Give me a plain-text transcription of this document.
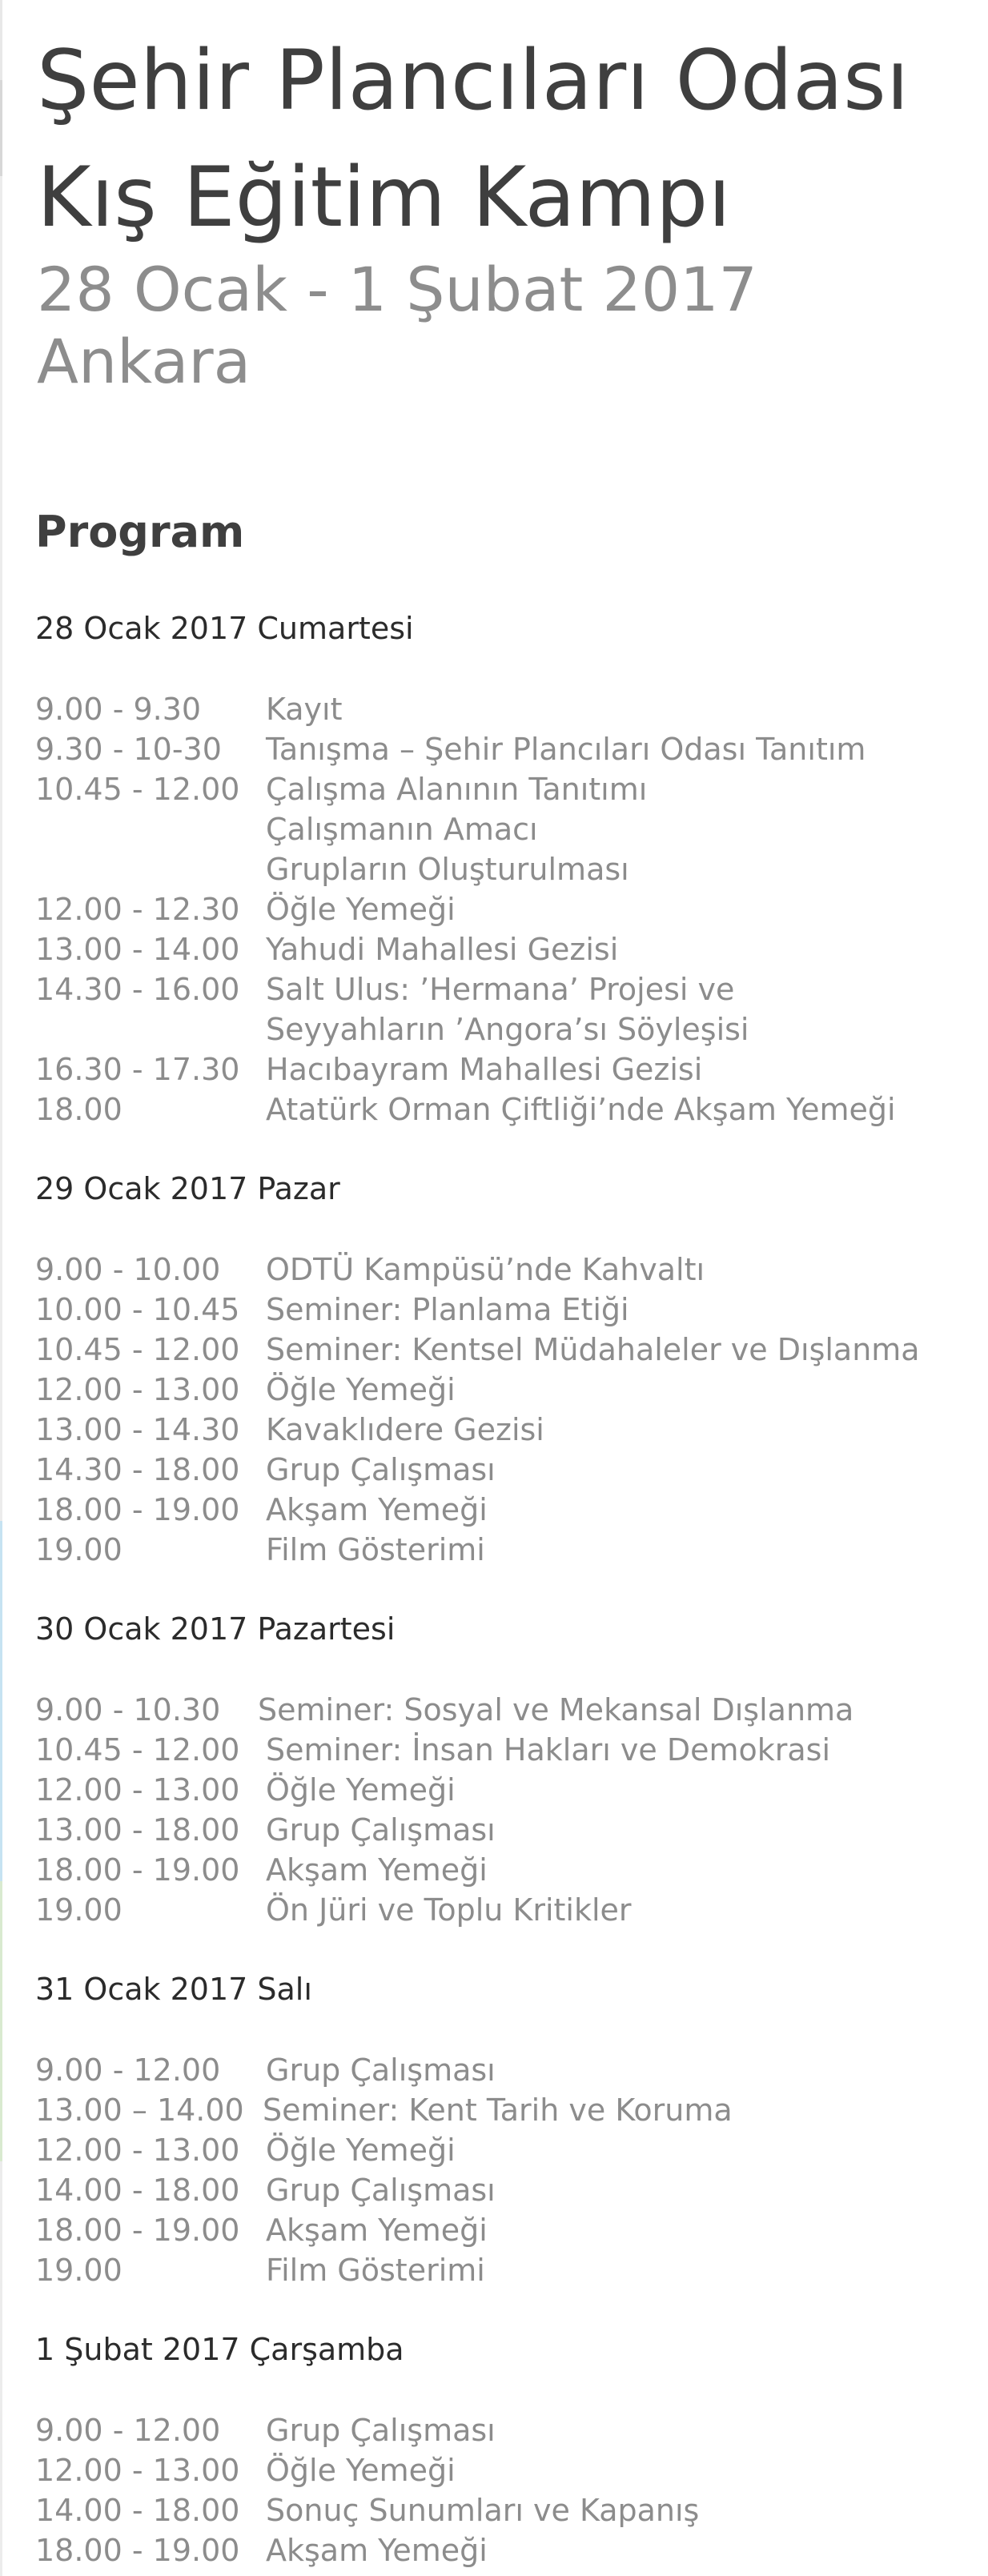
Şehir Plancıları Odası
Kış Eğitim Kampı
28 Ocak - 1 Şubat 2017
Ankara
Program
28 Ocak 2017 Cumartesi
9.00 - 9.30 Kayıt
9.30 - 10-30 Tanışma – Şehir Plancıları Odası Tanıtım
10.45 - 12.00 Çalışma Alanının Tanıtımı
Çalışmanın Amacı
Grupların Oluşturulması
12.00 - 12.30 Öğle Yemeği
13.00 - 14.00 Yahudi Mahallesi Gezisi
14.30 - 16.00 Salt Ulus: ’Hermana’ Projesi ve
Seyyahların ’Angora’sı Söyleşisi
16.30 - 17.30 Hacıbayram Mahallesi Gezisi
18.00	Atatürk Orman Çiftliği’nde Akşam Yemeği
29 Ocak 2017 Pazar
9.00 - 10.00 ODTÜ Kampüsü’nde Kahvaltı
10.00 - 10.45 Seminer: Planlama Etiği
10.45 - 12.00 Seminer: Kentsel Müdahaleler ve Dışlanma
12.00 - 13.00 Öğle Yemeği
13.00 - 14.30 Kavaklıdere Gezisi
14.30 - 18.00 Grup Çalışması
18.00 - 19.00 Akşam Yemeği
19.00	Film Gösterimi
30 Ocak 2017 Pazartesi
9.00 - 10.30 Seminer: Sosyal ve Mekansal Dışlanma
10.45 - 12.00 Seminer: İnsan Hakları ve Demokrasi
12.00 - 13.00 Öğle Yemeği
13.00 - 18.00 Grup Çalışması
18.00 - 19.00 Akşam Yemeği
19.00	Ön Jüri ve Toplu Kritikler
31 Ocak 2017 Salı
9.00 - 12.00 Grup Çalışması
13.00 – 14.00 Seminer: Kent Tarih ve Koruma
12.00 - 13.00 Öğle Yemeği
14.00 - 18.00 Grup Çalışması
18.00 - 19.00 Akşam Yemeği
19.00	Film Gösterimi
1 Şubat 2017 Çarşamba
9.00 - 12.00 Grup Çalışması
12.00 - 13.00 Öğle Yemeği
14.00 - 18.00 Sonuç Sunumları ve Kapanış
18.00 - 19.00 Akşam Yemeği
